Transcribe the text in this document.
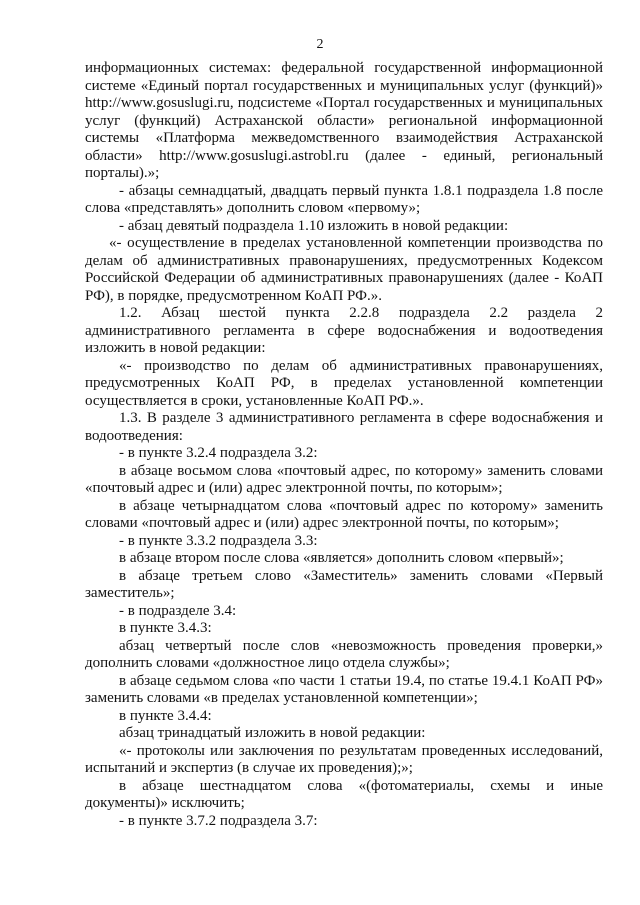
2

информационных системах: федеральной государственной информационной системе «Единый портал государственных и муниципальных услуг (функций)» http://www.gosuslugi.ru, подсистеме «Портал государственных и муниципальных услуг (функций) Астраханской области» региональной информационной системы «Платформа межведомственного взаимодействия Астраханской области» http://www.gosuslugi.astrobl.ru (далее - единый, региональный порталы).»;

- абзацы семнадцатый, двадцать первый пункта 1.8.1 подраздела 1.8 после слова «представлять» дополнить словом «первому»;

- абзац девятый подраздела 1.10 изложить в новой редакции:

«- осуществление в пределах установленной компетенции производства по делам об административных правонарушениях, предусмотренных Кодексом Российской Федерации об административных правонарушениях (далее - КоАП РФ), в порядке, предусмотренном КоАП РФ.».

1.2. Абзац шестой пункта 2.2.8 подраздела 2.2 раздела 2 административного регламента в сфере водоснабжения и водоотведения изложить в новой редакции:

«- производство по делам об административных правонарушениях, предусмотренных КоАП РФ, в пределах установленной компетенции осуществляется в сроки, установленные КоАП РФ.».

1.3. В разделе 3 административного регламента в сфере водоснабжения и водоотведения:

- в пункте 3.2.4 подраздела 3.2:

в абзаце восьмом слова «почтовый адрес, по которому» заменить словами «почтовый адрес и (или) адрес электронной почты, по которым»;

в абзаце четырнадцатом слова «почтовый адрес по которому» заменить словами «почтовый адрес и (или) адрес электронной почты, по которым»;

- в пункте 3.3.2 подраздела 3.3:

в абзаце втором после слова «является» дополнить словом «первый»;

в абзаце третьем слово «Заместитель» заменить словами «Первый заместитель»;

- в подразделе 3.4:

в пункте 3.4.3:

абзац четвертый после слов «невозможность проведения проверки,» дополнить словами «должностное лицо отдела службы»;

в абзаце седьмом слова «по части 1 статьи 19.4, по статье 19.4.1 КоАП РФ» заменить словами «в пределах установленной компетенции»;

в пункте 3.4.4:

абзац тринадцатый изложить в новой редакции:

«- протоколы или заключения по результатам проведенных исследований, испытаний и экспертиз (в случае их проведения);»;

в абзаце шестнадцатом слова «(фотоматериалы, схемы и иные документы)» исключить;

- в пункте 3.7.2 подраздела 3.7:
